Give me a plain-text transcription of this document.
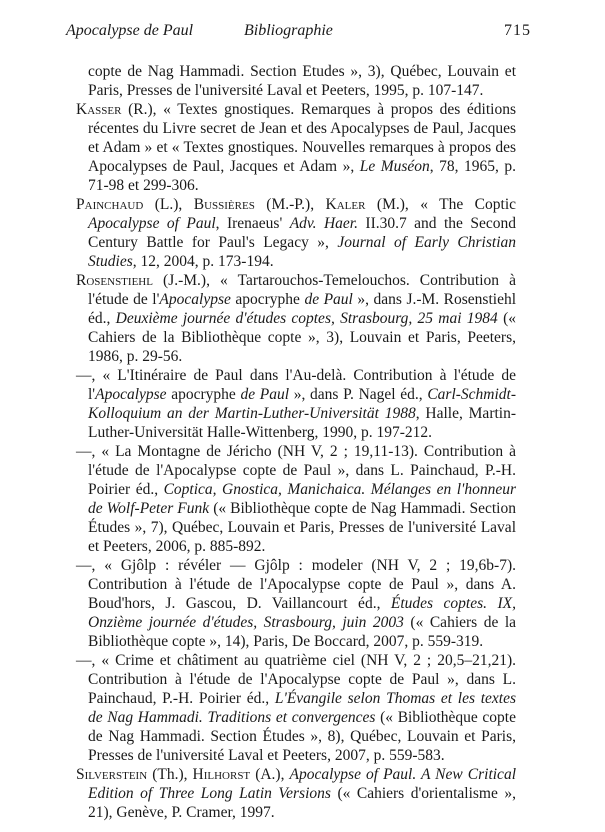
Apocalypse de Paul	Bibliographie	715

copte de Nag Hammadi. Section Etudes », 3), Québec, Louvain et Paris, Presses de l'université Laval et Peeters, 1995, p. 107-147.

Kasser (R.), « Textes gnostiques. Remarques à propos des éditions récentes du Livre secret de Jean et des Apocalypses de Paul, Jacques et Adam » et « Textes gnostiques. Nouvelles remarques à propos des Apocalypses de Paul, Jacques et Adam », Le Muséon, 78, 1965, p. 71-98 et 299-306.

Painchaud (L.), Bussières (M.-P.), Kaler (M.), « The Coptic Apocalypse of Paul, Irenaeus' Adv. Haer. II.30.7 and the Second Century Battle for Paul's Legacy », Journal of Early Christian Studies, 12, 2004, p. 173-194.

Rosenstiehl (J.-M.), « Tartarouchos-Temelouchos. Contribution à l'étude de l'Apocalypse apocryphe de Paul », dans J.-M. Rosenstiehl éd., Deuxième journée d'études coptes, Strasbourg, 25 mai 1984 (« Cahiers de la Bibliothèque copte », 3), Louvain et Paris, Peeters, 1986, p. 29-56.

—, « L'Itinéraire de Paul dans l'Au-delà. Contribution à l'étude de l'Apocalypse apocryphe de Paul », dans P. Nagel éd., Carl-Schmidt-Kolloquium an der Martin-Luther-Universität 1988, Halle, Martin-Luther-Universität Halle-Wittenberg, 1990, p. 197-212.

—, « La Montagne de Jéricho (NH V, 2 ; 19,11-13). Contribution à l'étude de l'Apocalypse copte de Paul », dans L. Painchaud, P.-H. Poirier éd., Coptica, Gnostica, Manichaica. Mélanges en l'honneur de Wolf-Peter Funk (« Bibliothèque copte de Nag Hammadi. Section Études », 7), Québec, Louvain et Paris, Presses de l'université Laval et Peeters, 2006, p. 885-892.

—, « Gjôlp : révéler — Gjôlp : modeler (NH V, 2 ; 19,6b-7). Contribution à l'étude de l'Apocalypse copte de Paul », dans A. Boud'hors, J. Gascou, D. Vaillancourt éd., Études coptes. IX, Onzième journée d'études, Strasbourg, juin 2003 (« Cahiers de la Bibliothèque copte », 14), Paris, De Boccard, 2007, p. 559-319.

—, « Crime et châtiment au quatrième ciel (NH V, 2 ; 20,5–21,21). Contribution à l'étude de l'Apocalypse copte de Paul », dans L. Painchaud, P.-H. Poirier éd., L'Évangile selon Thomas et les textes de Nag Hammadi. Traditions et convergences (« Bibliothèque copte de Nag Hammadi. Section Études », 8), Québec, Louvain et Paris, Presses de l'université Laval et Peeters, 2007, p. 559-583.

Silverstein (Th.), Hilhorst (A.), Apocalypse of Paul. A New Critical Edition of Three Long Latin Versions (« Cahiers d'orientalisme », 21), Genève, P. Cramer, 1997.
